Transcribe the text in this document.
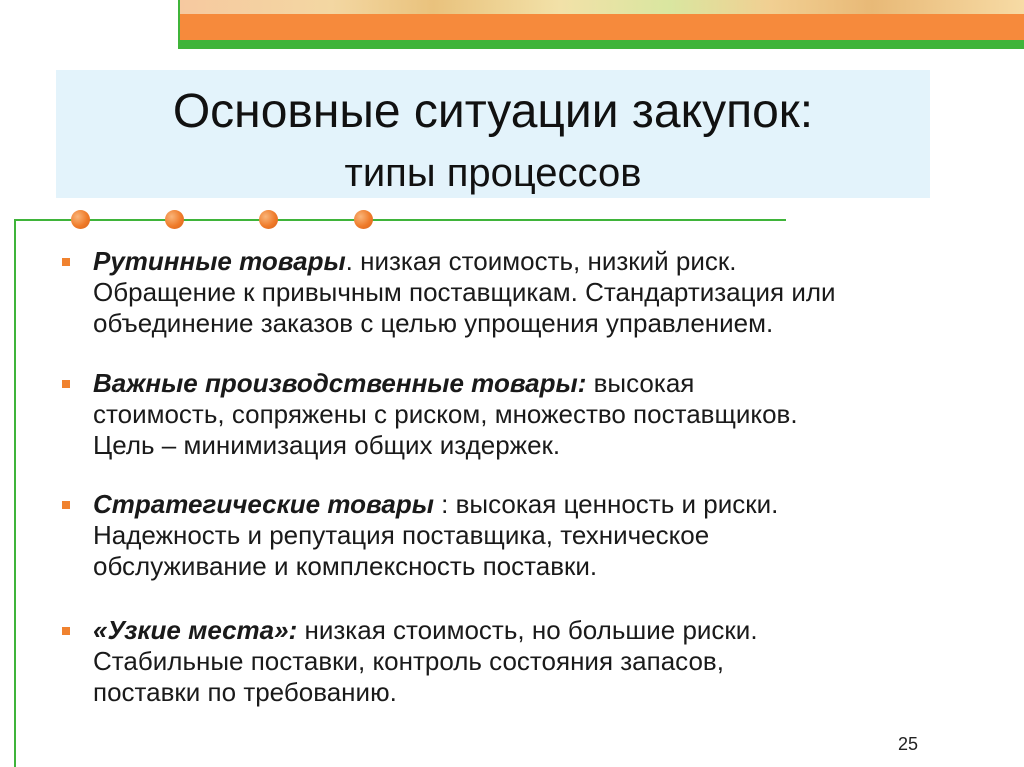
Основные ситуации закупок:
типы процессов
Рутинные товары. низкая стоимость, низкий риск.
Обращение к привычным поставщикам. Стандартизация или
объединение заказов с целью упрощения управлением.
Важные производственные товары: высокая
стоимость, сопряжены с риском, множество поставщиков.
Цель – минимизация общих издержек.
Стратегические товары : высокая ценность и риски.
Надежность и репутация поставщика, техническое
обслуживание и комплексность поставки.
«Узкие места»: низкая стоимость, но большие риски.
Стабильные поставки, контроль состояния запасов,
поставки по требованию.
25
